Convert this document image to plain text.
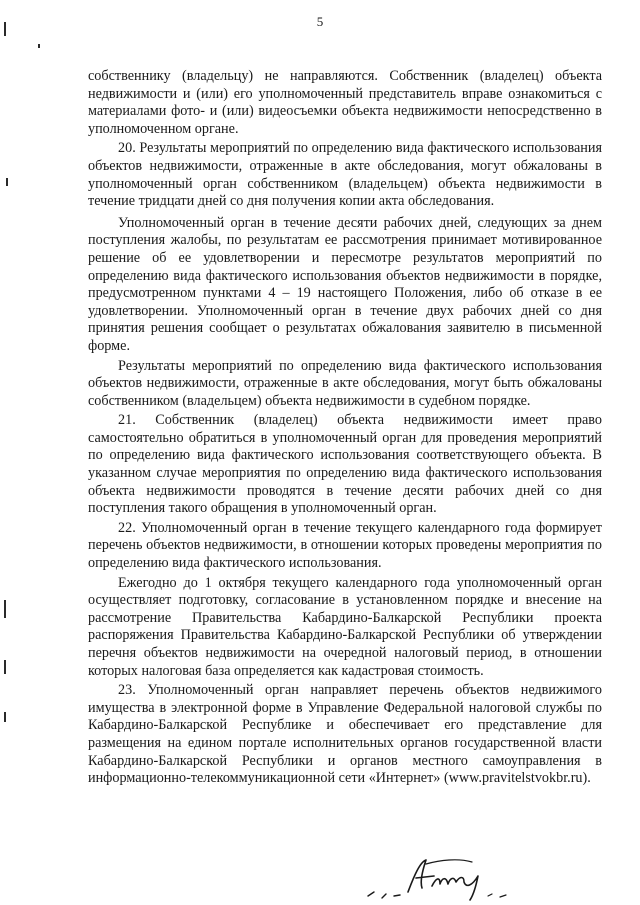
5

собственнику (владельцу) не направляются. Собственник (владелец) объекта недвижимости и (или) его уполномоченный представитель вправе ознакомиться с материалами фото- и (или) видеосъемки объекта недвижимости непосредственно в уполномоченном органе.

20. Результаты мероприятий по определению вида фактического использования объектов недвижимости, отраженные в акте обследования, могут обжалованы в уполномоченный орган собственником (владельцем) объекта недвижимости в течение тридцати дней со дня получения копии акта обследования.

Уполномоченный орган в течение десяти рабочих дней, следующих за днем поступления жалобы, по результатам ее рассмотрения принимает мотивированное решение об ее удовлетворении и пересмотре результатов мероприятий по определению вида фактического использования объектов недвижимости в порядке, предусмотренном пунктами 4 – 19 настоящего Положения, либо об отказе в ее удовлетворении. Уполномоченный орган в течение двух рабочих дней со дня принятия решения сообщает о результатах обжалования заявителю в письменной форме.

Результаты мероприятий по определению вида фактического использования объектов недвижимости, отраженные в акте обследования, могут быть обжалованы собственником (владельцем) объекта недвижимости в судебном порядке.

21. Собственник (владелец) объекта недвижимости имеет право самостоятельно обратиться в уполномоченный орган для проведения мероприятий по определению вида фактического использования соответствующего объекта. В указанном случае мероприятия по определению вида фактического использования объекта недвижимости проводятся в течение десяти рабочих дней со дня поступления такого обращения в уполномоченный орган.

22. Уполномоченный орган в течение текущего календарного года формирует перечень объектов недвижимости, в отношении которых проведены мероприятия по определению вида фактического использования.

Ежегодно до 1 октября текущего календарного года уполномоченный орган осуществляет подготовку, согласование в установленном порядке и внесение на рассмотрение Правительства Кабардино-Балкарской Республики проекта распоряжения Правительства Кабардино-Балкарской Республики об утверждении перечня объектов недвижимости на очередной налоговый период, в отношении которых налоговая база определяется как кадастровая стоимость.

23. Уполномоченный орган направляет перечень объектов недвижимого имущества в электронной форме в Управление Федеральной налоговой службы по Кабардино-Балкарской Республике и обеспечивает его представление для размещения на едином портале исполнительных органов государственной власти Кабардино-Балкарской Республики и органов местного самоуправления в информационно-телекоммуникационной сети «Интернет» (www.pravitelstvokbr.ru).
